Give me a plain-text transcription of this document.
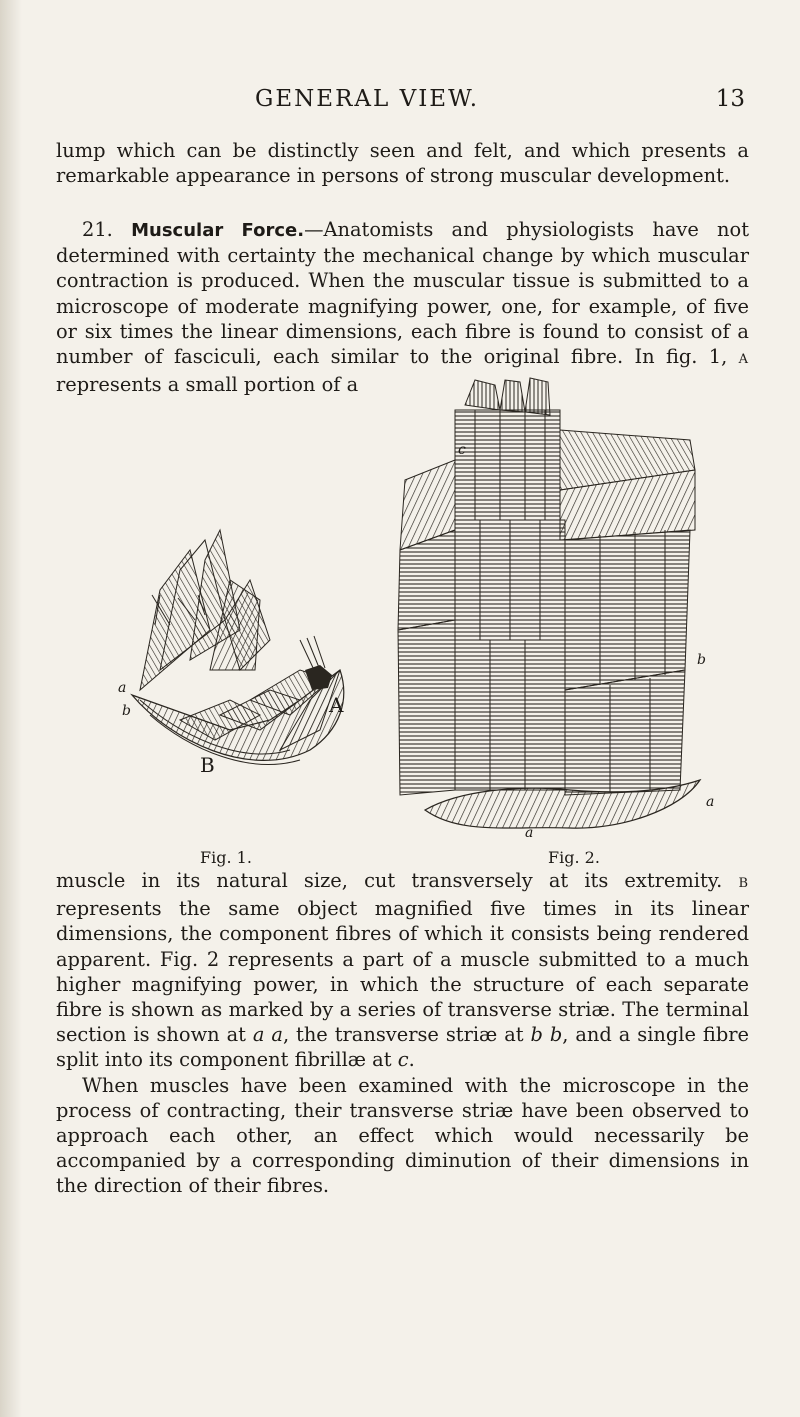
GENERAL VIEW.	13

lump which can be distinctly seen and felt, and which presents a remarkable appearance in persons of strong muscular development.

21. Muscular Force.—Anatomists and physiologists have not determined with certainty the mechanical change by which muscular contraction is produced. When the muscular tissue is submitted to a microscope of moderate magnifying power, one, for example, of five or six times the linear dimensions, each fibre is found to consist of a number of fasciculi, each similar to the original fibre. In fig. 1, A represents a small portion of a

B
A
a
b
c
b
a
a
Fig. 1.	Fig. 2.

muscle in its natural size, cut transversely at its extremity. B represents the same object magnified five times in its linear dimensions, the component fibres of which it consists being rendered apparent. Fig. 2 represents a part of a muscle submitted to a much higher magnifying power, in which the structure of each separate fibre is shown as marked by a series of transverse striæ. The terminal section is shown at a a, the transverse striæ at b b, and a single fibre split into its component fibrillæ at c.

When muscles have been examined with the microscope in the process of contracting, their transverse striæ have been observed to approach each other, an effect which would necessarily be accompanied by a corresponding diminution of their dimensions in the direction of their fibres.
